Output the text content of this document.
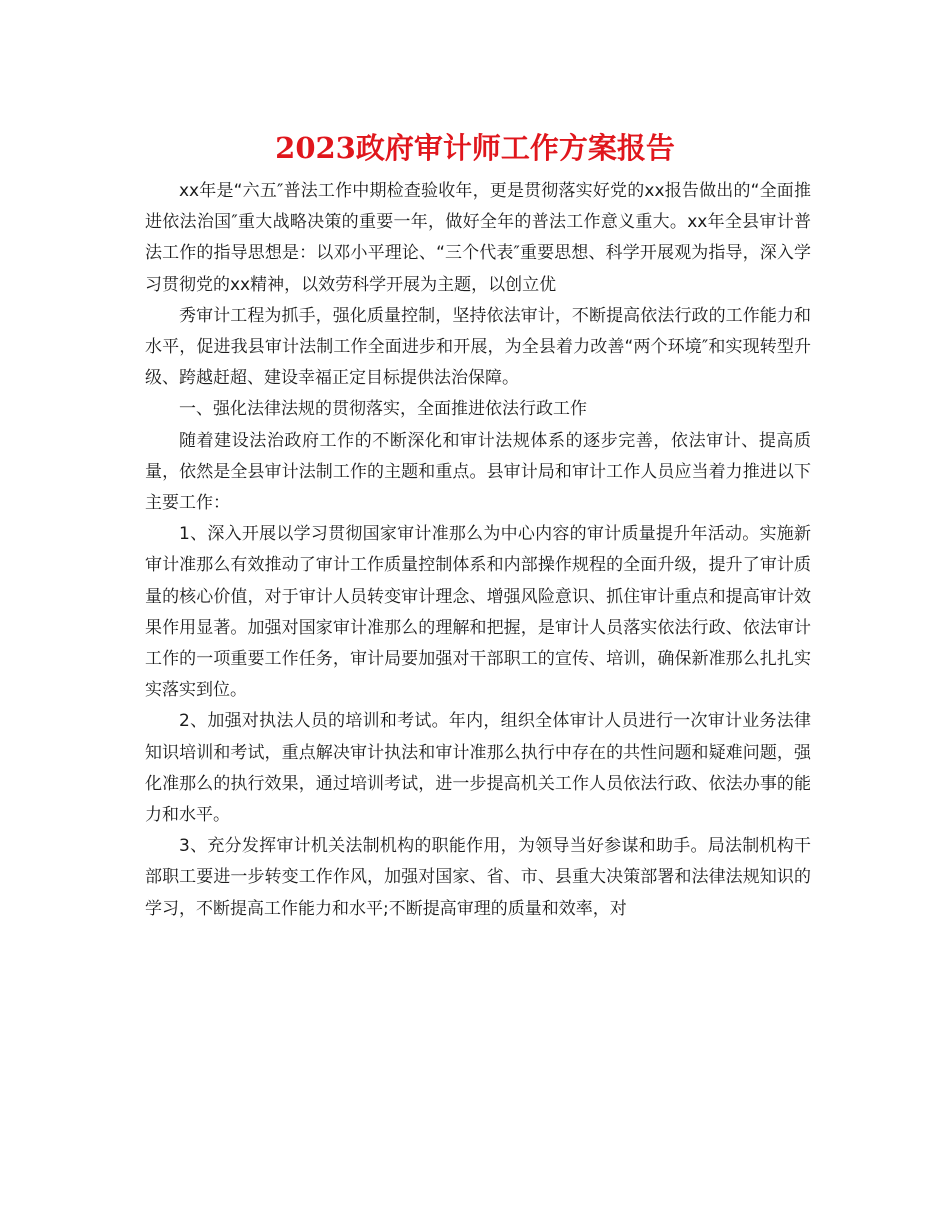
2023政府审计师工作方案报告

xx年是“六五″普法工作中期检查验收年，更是贯彻落实好党的xx报告做出的“全面推进依法治国″重大战略决策的重要一年，做好全年的普法工作意义重大。xx年全县审计普法工作的指导思想是：以邓小平理论、“三个代表″重要思想、科学开展观为指导，深入学习贯彻党的xx精神，以效劳科学开展为主题，以创立优

秀审计工程为抓手，强化质量控制，坚持依法审计，不断提高依法行政的工作能力和水平，促进我县审计法制工作全面进步和开展，为全县着力改善“两个环境″和实现转型升级、跨越赶超、建设幸福正定目标提供法治保障。

一、强化法律法规的贯彻落实，全面推进依法行政工作

随着建设法治政府工作的不断深化和审计法规体系的逐步完善，依法审计、提高质量，依然是全县审计法制工作的主题和重点。县审计局和审计工作人员应当着力推进以下主要工作：

1、深入开展以学习贯彻国家审计准那么为中心内容的审计质量提升年活动。实施新审计准那么有效推动了审计工作质量控制体系和内部操作规程的全面升级，提升了审计质量的核心价值，对于审计人员转变审计理念、增强风险意识、抓住审计重点和提高审计效果作用显著。加强对国家审计准那么的理解和把握，是审计人员落实依法行政、依法审计工作的一项重要工作任务，审计局要加强对干部职工的宣传、培训，确保新准那么扎扎实实落实到位。

2、加强对执法人员的培训和考试。年内，组织全体审计人员进行一次审计业务法律知识培训和考试，重点解决审计执法和审计准那么执行中存在的共性问题和疑难问题，强化准那么的执行效果，通过培训考试，进一步提高机关工作人员依法行政、依法办事的能力和水平。

3、充分发挥审计机关法制机构的职能作用，为领导当好参谋和助手。局法制机构干部职工要进一步转变工作作风，加强对国家、省、市、县重大决策部署和法律法规知识的学习，不断提高工作能力和水平;不断提高审理的质量和效率，对
